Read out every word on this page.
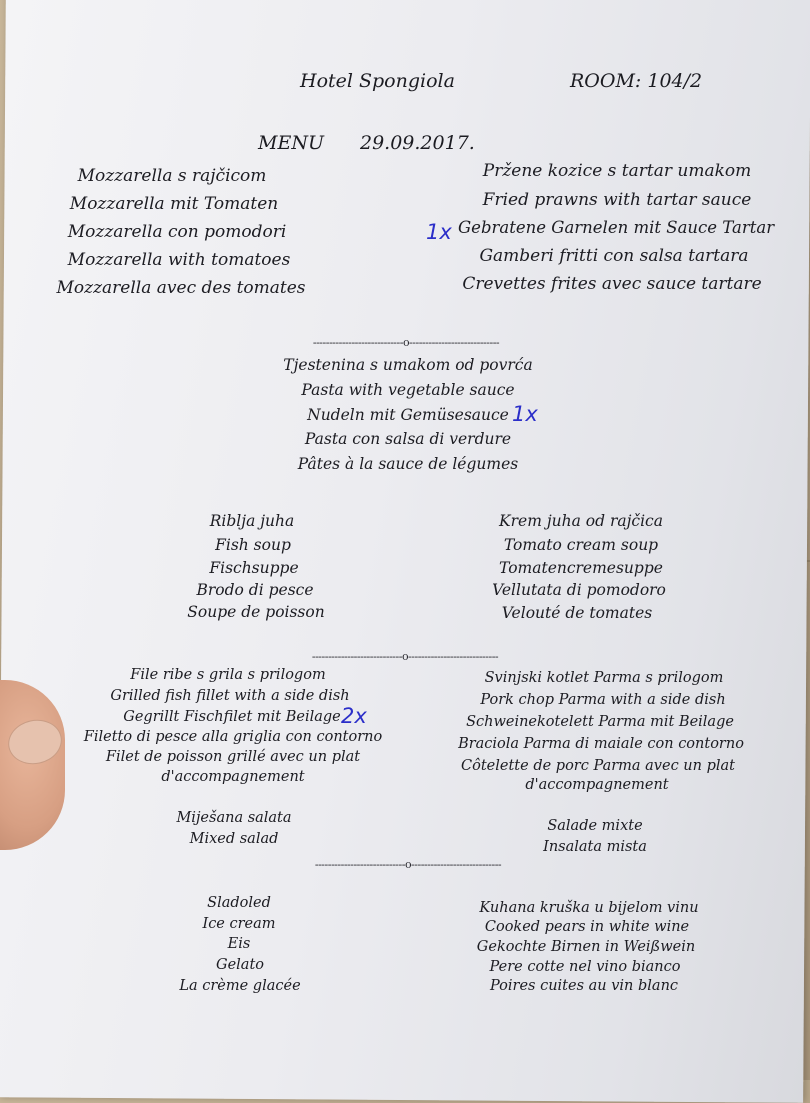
Hotel Spongiola	ROOM: 104/2
MENU 29.09.2017.
Mozzarella s rajčicom
Mozzarella mit Tomaten
Mozzarella con pomodori
Mozzarella with tomatoes
Mozzarella avec des tomates
Pržene kozice s tartar umakom
Fried prawns with tartar sauce
Gebratene Garnelen mit Sauce Tartar
Gamberi fritti con salsa tartara
Crevettes frites avec sauce tartare
1x
----------------------------o----------------------------
Tjestenina s umakom od povrća
Pasta with vegetable sauce
Nudeln mit Gemüsesauce
Pasta con salsa di verdure
Pâtes à la sauce de légumes
1x
Riblja juha
Fish soup
Fischsuppe
Brodo di pesce
Soupe de poisson
Krem juha od rajčica
Tomato cream soup
Tomatencremesuppe
Vellutata di pomodoro
Velouté de tomates
----------------------------o----------------------------
File ribe s grila s prilogom
Grilled fish fillet with a side dish
Gegrillt Fischfilet mit Beilage
Filetto di pesce alla griglia con contorno
Filet de poisson grillé avec un plat
d'accompagnement
2x
Svinjski kotlet Parma s prilogom
Pork chop Parma with a side dish
Schweinekotelett Parma mit Beilage
Braciola Parma di maiale con contorno
Côtelette de porc Parma avec un plat
d'accompagnement
Miješana salata
Mixed salad
Salade mixte
Insalata mista
----------------------------o----------------------------
Sladoled
Ice cream
Eis
Gelato
La crème glacée
Kuhana kruška u bijelom vinu
Cooked pears in white wine
Gekochte Birnen in Weißwein
Pere cotte nel vino bianco
Poires cuites au vin blanc
